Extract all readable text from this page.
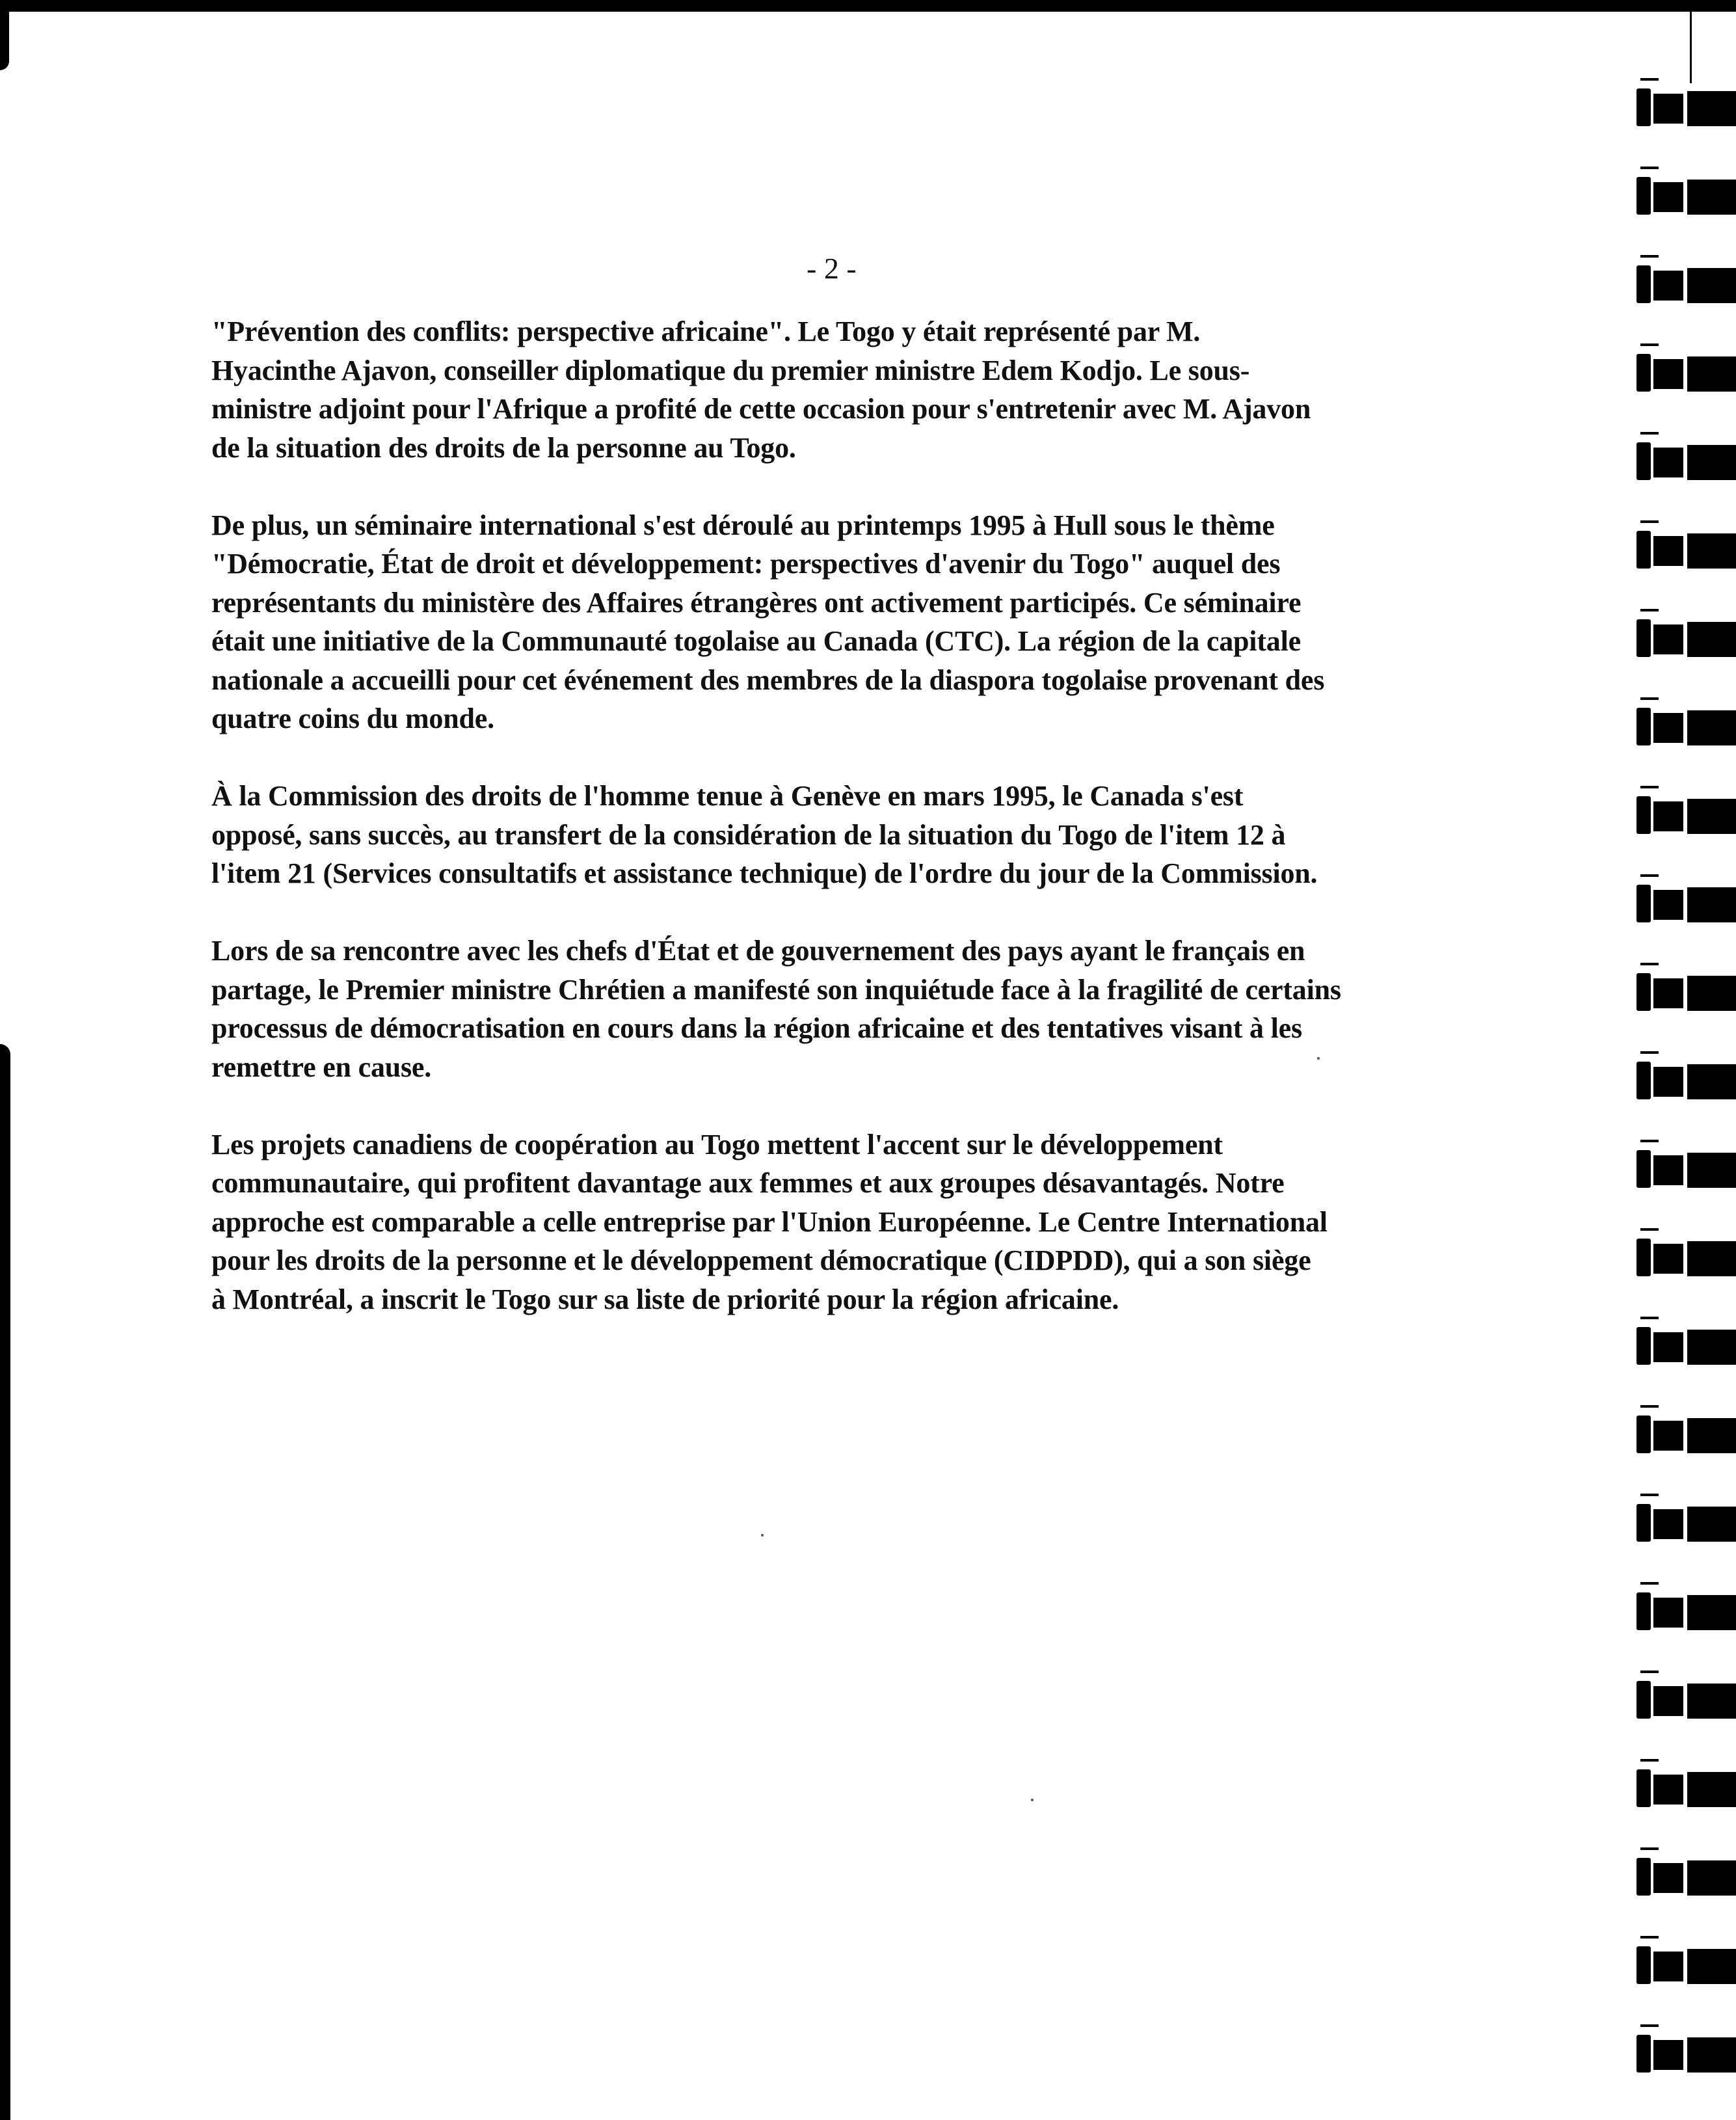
- 2 -
"Prévention des conflits: perspective africaine". Le Togo y était représenté par M.
Hyacinthe Ajavon, conseiller diplomatique du premier ministre Edem Kodjo. Le sous-
ministre adjoint pour l'Afrique a profité de cette occasion pour s'entretenir avec M. Ajavon
de la situation des droits de la personne au Togo.
De plus, un séminaire international s'est déroulé au printemps 1995 à Hull sous le thème
"Démocratie, État de droit et développement: perspectives d'avenir du Togo" auquel des
représentants du ministère des Affaires étrangères ont activement participés. Ce séminaire
était une initiative de la Communauté togolaise au Canada (CTC). La région de la capitale
nationale a accueilli pour cet événement des membres de la diaspora togolaise provenant des
quatre coins du monde.
À la Commission des droits de l'homme tenue à Genève en mars 1995, le Canada s'est
opposé, sans succès, au transfert de la considération de la situation du Togo de l'item 12 à
l'item 21 (Services consultatifs et assistance technique) de l'ordre du jour de la Commission.
Lors de sa rencontre avec les chefs d'État et de gouvernement des pays ayant le français en
partage, le Premier ministre Chrétien a manifesté son inquiétude face à la fragilité de certains
processus de démocratisation en cours dans la région africaine et des tentatives visant à les
remettre en cause.
Les projets canadiens de coopération au Togo mettent l'accent sur le développement
communautaire, qui profitent davantage aux femmes et aux groupes désavantagés. Notre
approche est comparable a celle entreprise par l'Union Européenne. Le Centre International
pour les droits de la personne et le développement démocratique (CIDPDD), qui a son siège
à Montréal, a inscrit le Togo sur sa liste de priorité pour la région africaine.
